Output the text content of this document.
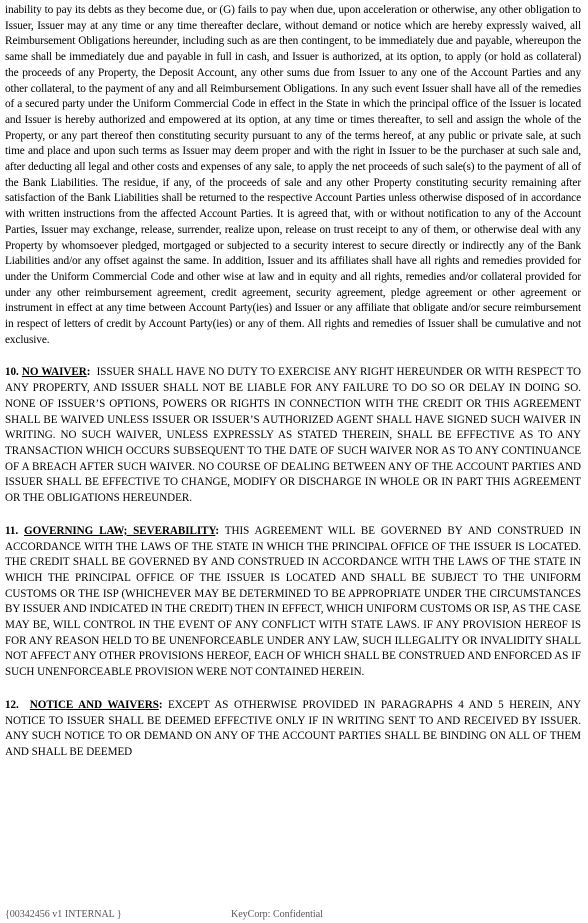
inability to pay its debts as they become due, or (G) fails to pay when due, upon acceleration or otherwise, any other obligation to Issuer, Issuer may at any time or any time thereafter declare, without demand or notice which are hereby expressly waived, all Reimbursement Obligations hereunder, including such as are then contingent, to be immediately due and payable, whereupon the same shall be immediately due and payable in full in cash, and Issuer is authorized, at its option, to apply (or hold as collateral) the proceeds of any Property, the Deposit Account, any other sums due from Issuer to any one of the Account Parties and any other collateral, to the payment of any and all Reimbursement Obligations. In any such event Issuer shall have all of the remedies of a secured party under the Uniform Commercial Code in effect in the State in which the principal office of the Issuer is located and Issuer is hereby authorized and empowered at its option, at any time or times thereafter, to sell and assign the whole of the Property, or any part thereof then constituting security pursuant to any of the terms hereof, at any public or private sale, at such time and place and upon such terms as Issuer may deem proper and with the right in Issuer to be the purchaser at such sale and, after deducting all legal and other costs and expenses of any sale, to apply the net proceeds of such sale(s) to the payment of all of the Bank Liabilities. The residue, if any, of the proceeds of sale and any other Property constituting security remaining after satisfaction of the Bank Liabilities shall be returned to the respective Account Parties unless otherwise disposed of in accordance with written instructions from the affected Account Parties. It is agreed that, with or without notification to any of the Account Parties, Issuer may exchange, release, surrender, realize upon, release on trust receipt to any of them, or otherwise deal with any Property by whomsoever pledged, mortgaged or subjected to a security interest to secure directly or indirectly any of the Bank Liabilities and/or any offset against the same. In addition, Issuer and its affiliates shall have all rights and remedies provided for under the Uniform Commercial Code and other wise at law and in equity and all rights, remedies and/or collateral provided for under any other reimbursement agreement, credit agreement, security agreement, pledge agreement or other agreement or instrument in effect at any time between Account Party(ies) and Issuer or any affiliate that obligate and/or secure reimbursement in respect of letters of credit by Account Party(ies) or any of them. All rights and remedies of Issuer shall be cumulative and not exclusive.

10. NO WAIVER: ISSUER SHALL HAVE NO DUTY TO EXERCISE ANY RIGHT HEREUNDER OR WITH RESPECT TO ANY PROPERTY, AND ISSUER SHALL NOT BE LIABLE FOR ANY FAILURE TO DO SO OR DELAY IN DOING SO. NONE OF ISSUER’S OPTIONS, POWERS OR RIGHTS IN CONNECTION WITH THE CREDIT OR THIS AGREEMENT SHALL BE WAIVED UNLESS ISSUER OR ISSUER’S AUTHORIZED AGENT SHALL HAVE SIGNED SUCH WAIVER IN WRITING. NO SUCH WAIVER, UNLESS EXPRESSLY AS STATED THEREIN, SHALL BE EFFECTIVE AS TO ANY TRANSACTION WHICH OCCURS SUBSEQUENT TO THE DATE OF SUCH WAIVER NOR AS TO ANY CONTINUANCE OF A BREACH AFTER SUCH WAIVER. NO COURSE OF DEALING BETWEEN ANY OF THE ACCOUNT PARTIES AND ISSUER SHALL BE EFFECTIVE TO CHANGE, MODIFY OR DISCHARGE IN WHOLE OR IN PART THIS AGREEMENT OR THE OBLIGATIONS HEREUNDER.

11. GOVERNING LAW; SEVERABILITY: THIS AGREEMENT WILL BE GOVERNED BY AND CONSTRUED IN ACCORDANCE WITH THE LAWS OF THE STATE IN WHICH THE PRINCIPAL OFFICE OF THE ISSUER IS LOCATED. THE CREDIT SHALL BE GOVERNED BY AND CONSTRUED IN ACCORDANCE WITH THE LAWS OF THE STATE IN WHICH THE PRINCIPAL OFFICE OF THE ISSUER IS LOCATED AND SHALL BE SUBJECT TO THE UNIFORM CUSTOMS OR THE ISP (WHICHEVER MAY BE DETERMINED TO BE APPROPRIATE UNDER THE CIRCUMSTANCES BY ISSUER AND INDICATED IN THE CREDIT) THEN IN EFFECT, WHICH UNIFORM CUSTOMS OR ISP, AS THE CASE MAY BE, WILL CONTROL IN THE EVENT OF ANY CONFLICT WITH STATE LAWS. IF ANY PROVISION HEREOF IS FOR ANY REASON HELD TO BE UNENFORCEABLE UNDER ANY LAW, SUCH ILLEGALITY OR INVALIDITY SHALL NOT AFFECT ANY OTHER PROVISIONS HEREOF, EACH OF WHICH SHALL BE CONSTRUED AND ENFORCED AS IF SUCH UNENFORCEABLE PROVISION WERE NOT CONTAINED HEREIN.

12. NOTICE AND WAIVERS: EXCEPT AS OTHERWISE PROVIDED IN PARAGRAPHS 4 AND 5 HEREIN, ANY NOTICE TO ISSUER SHALL BE DEEMED EFFECTIVE ONLY IF IN WRITING SENT TO AND RECEIVED BY ISSUER. ANY SUCH NOTICE TO OR DEMAND ON ANY OF THE ACCOUNT PARTIES SHALL BE BINDING ON ALL OF THEM AND SHALL BE DEEMED

{00342456 v1 INTERNAL }	KeyCorp: Confidential
